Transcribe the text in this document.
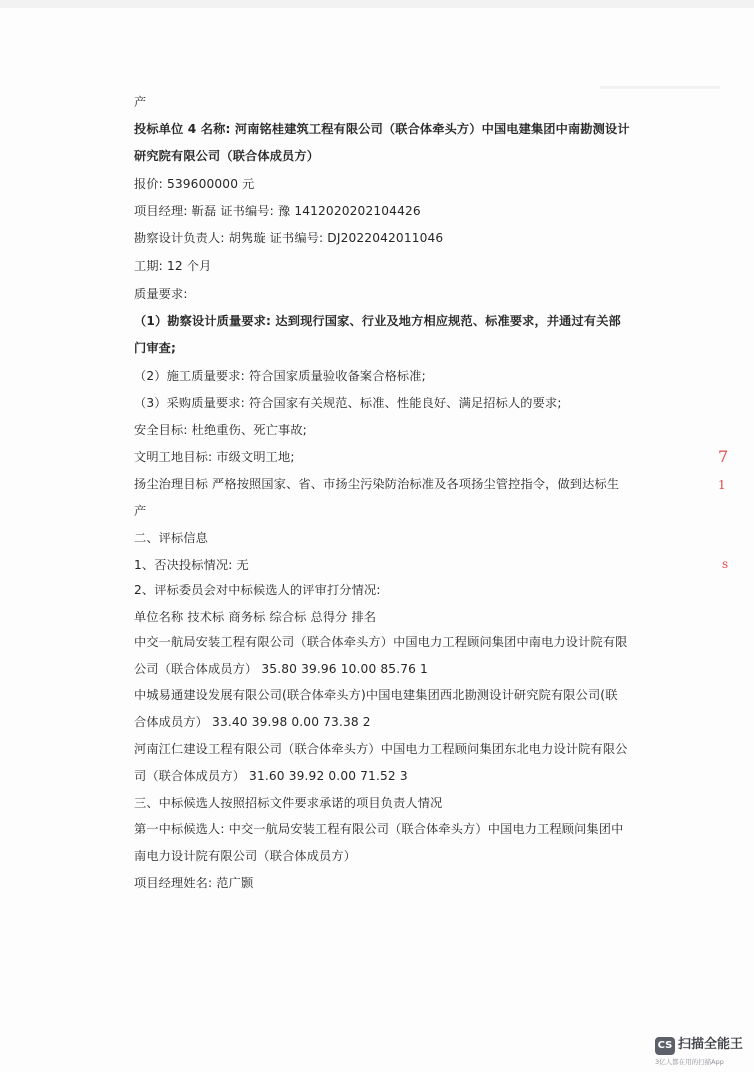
产
投标单位 4 名称: 河南铭桂建筑工程有限公司（联合体牵头方）中国电建集团中南勘测设计
研究院有限公司（联合体成员方）
报价: 539600000 元
项目经理: 靳磊 证书编号: 豫 1412020202104426
勘察设计负责人: 胡隽璇 证书编号: DJ2022042011046
工期: 12 个月
质量要求:
（1）勘察设计质量要求: 达到现行国家、行业及地方相应规范、标准要求，并通过有关部
门审查;
（2）施工质量要求: 符合国家质量验收备案合格标准;
（3）采购质量要求: 符合国家有关规范、标准、性能良好、满足招标人的要求;
安全目标: 杜绝重伤、死亡事故;
文明工地目标: 市级文明工地;
扬尘治理目标 严格按照国家、省、市扬尘污染防治标准及各项扬尘管控指令，做到达标生
产
二、评标信息
1、否决投标情况: 无
2、评标委员会对中标候选人的评审打分情况:
单位名称 技术标 商务标 综合标 总得分 排名
中交一航局安装工程有限公司（联合体牵头方）中国电力工程顾问集团中南电力设计院有限
公司（联合体成员方） 35.80 39.96 10.00 85.76 1
中城易通建设发展有限公司(联合体牵头方)中国电建集团西北勘测设计研究院有限公司(联
合体成员方） 33.40 39.98 0.00 73.38 2
河南江仁建设工程有限公司（联合体牵头方）中国电力工程顾问集团东北电力设计院有限公
司（联合体成员方） 31.60 39.92 0.00 71.52 3
三、中标候选人按照招标文件要求承诺的项目负责人情况
第一中标候选人: 中交一航局安装工程有限公司（联合体牵头方）中国电力工程顾问集团中
南电力设计院有限公司（联合体成员方）
项目经理姓名: 范广颢
7
1
s
CS 扫描全能王
3亿人都在用的扫描App
